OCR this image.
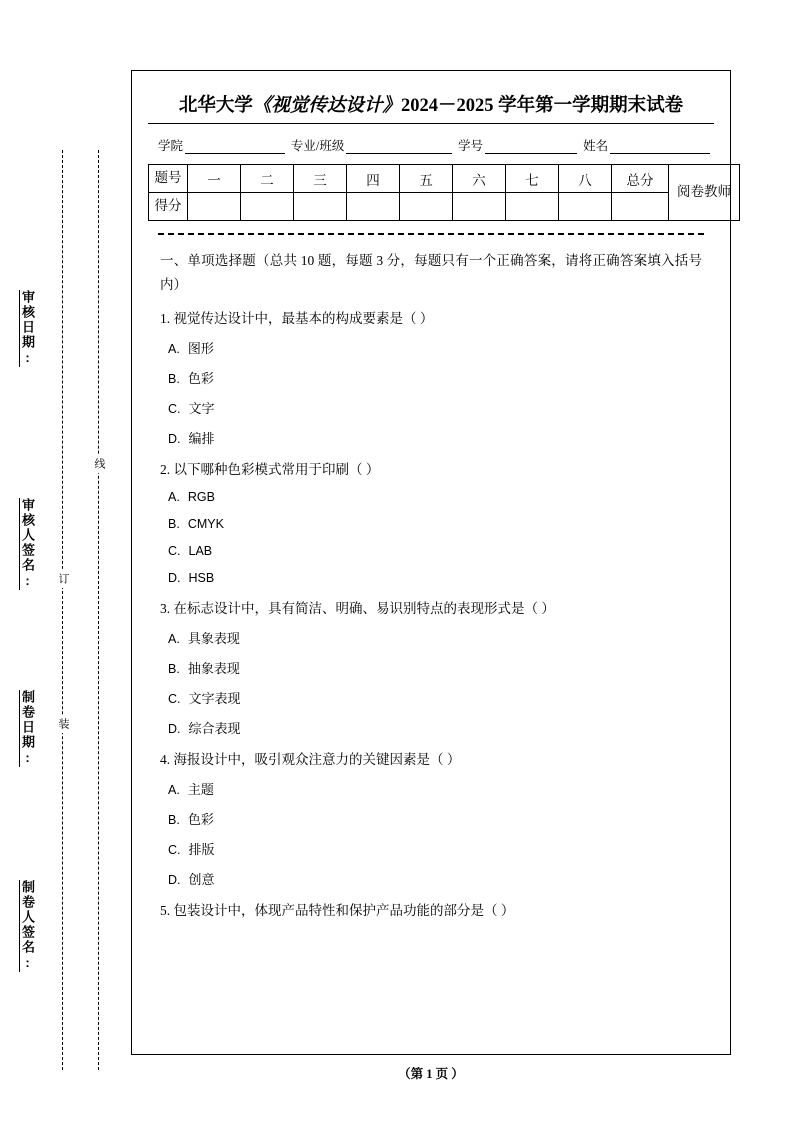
审核日期:
审核人签名:
制卷日期:
制卷人签名:
线
订
装
北华大学《视觉传达设计》2024－2025 学年第一学期期末试卷
学院	专业/班级	学号	姓名
题号	一	二	三	四	五	六	七	八	总分	阅卷教师
得分										
一、单项选择题（总共 10 题，每题 3 分，每题只有一个正确答案，请将正确答案填入括号内）
1. 视觉传达设计中，最基本的构成要素是（ ）
A. 图形
B. 色彩
C. 文字
D. 编排
2. 以下哪种色彩模式常用于印刷（ ）
A. RGB
B. CMYK
C. LAB
D. HSB
3. 在标志设计中，具有简洁、明确、易识别特点的表现形式是（ ）
A. 具象表现
B. 抽象表现
C. 文字表现
D. 综合表现
4. 海报设计中，吸引观众注意力的关键因素是（ ）
A. 主题
B. 色彩
C. 排版
D. 创意
5. 包装设计中，体现产品特性和保护产品功能的部分是（ ）
（第 1 页 ）
